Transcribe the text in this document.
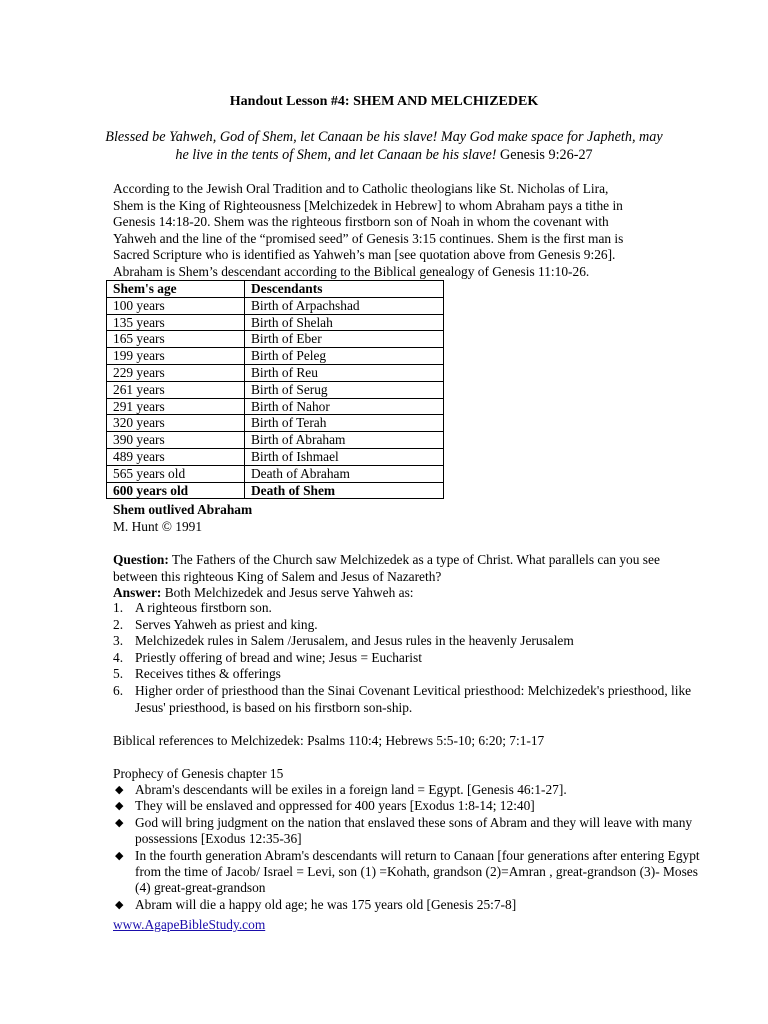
Handout Lesson #4: SHEM AND MELCHIZEDEK
Blessed be Yahweh, God of Shem, let Canaan be his slave! May God make space for Japheth, may he live in the tents of Shem, and let Canaan be his slave! Genesis 9:26-27
According to the Jewish Oral Tradition and to Catholic theologians like St. Nicholas of Lira,
Shem is the King of Righteousness [Melchizedek in Hebrew] to whom Abraham pays a tithe in
Genesis 14:18-20. Shem was the righteous firstborn son of Noah in whom the covenant with
Yahweh and the line of the “promised seed” of Genesis 3:15 continues. Shem is the first man is
Sacred Scripture who is identified as Yahweh’s man [see quotation above from Genesis 9:26].
Abraham is Shem’s descendant according to the Biblical genealogy of Genesis 11:10-26.
Shem's age	Descendants
100 years	Birth of Arpachshad
135 years	Birth of Shelah
165 years	Birth of Eber
199 years	Birth of Peleg
229 years	Birth of Reu
261 years	Birth of Serug
291 years	Birth of Nahor
320 years	Birth of Terah
390 years	Birth of Abraham
489 years	Birth of Ishmael
565 years old	Death of Abraham
600 years old	Death of Shem
Shem outlived Abraham
M. Hunt © 1991
Question: The Fathers of the Church saw Melchizedek as a type of Christ. What parallels can you see
between this righteous King of Salem and Jesus of Nazareth?
Answer: Both Melchizedek and Jesus serve Yahweh as:
1. A righteous firstborn son.
2. Serves Yahweh as priest and king.
3. Melchizedek rules in Salem /Jerusalem, and Jesus rules in the heavenly Jerusalem
4. Priestly offering of bread and wine; Jesus = Eucharist
5. Receives tithes & offerings
6. Higher order of priesthood than the Sinai Covenant Levitical priesthood: Melchizedek's priesthood, like Jesus' priesthood, is based on his firstborn son-ship.
Biblical references to Melchizedek: Psalms 110:4; Hebrews 5:5-10; 6:20; 7:1-17
Prophecy of Genesis chapter 15
◆ Abram's descendants will be exiles in a foreign land = Egypt. [Genesis 46:1-27].
◆ They will be enslaved and oppressed for 400 years [Exodus 1:8-14; 12:40]
◆ God will bring judgment on the nation that enslaved these sons of Abram and they will leave with many possessions [Exodus 12:35-36]
◆ In the fourth generation Abram's descendants will return to Canaan [four generations after entering Egypt from the time of Jacob/ Israel = Levi, son (1) =Kohath, grandson (2)=Amran , great-grandson (3)- Moses (4) great-great-grandson
◆ Abram will die a happy old age; he was 175 years old [Genesis 25:7-8]
www.AgapeBibleStudy.com
